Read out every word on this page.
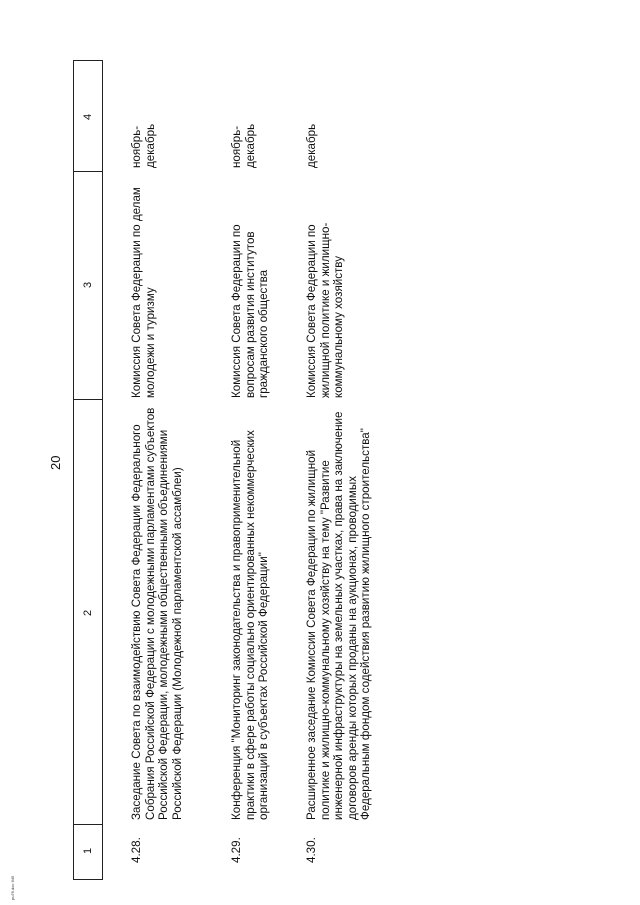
20
1
2
3
4
4.28.
Заседание Совета по взаимодействию Совета Федерации Федерального Собрания Российской Федерации с молодежными парламентами субъектов Российской Федерации, молодежными общественными объединениями Российской Федерации (Молодежной парламентской ассамблеи)
Комиссия Совета Федерации по делам молодежи и туризму
ноябрь-декабрь
4.29.
Конференция "Мониторинг законодательства и правоприменительной практики в сфере работы социально ориентированных некоммерческих организаций в субъектах Российской Федерации"
Комиссия Совета Федерации по вопросам развития институтов гражданского общества
ноябрь-декабрь
4.30.
Расширенное заседание Комиссии Совета Федерации по жилищной политике и жилищно-коммунальному хозяйству на тему "Развитие инженерной инфраструктуры на земельных участках, права на заключение договоров аренды которых проданы на аукционах, проводимых Федеральным фондом содействия развитию жилищного строительства"
Комиссия Совета Федерации по жилищной политике и жилищно-коммунальному хозяйству
декабрь
pu76.doc 645
